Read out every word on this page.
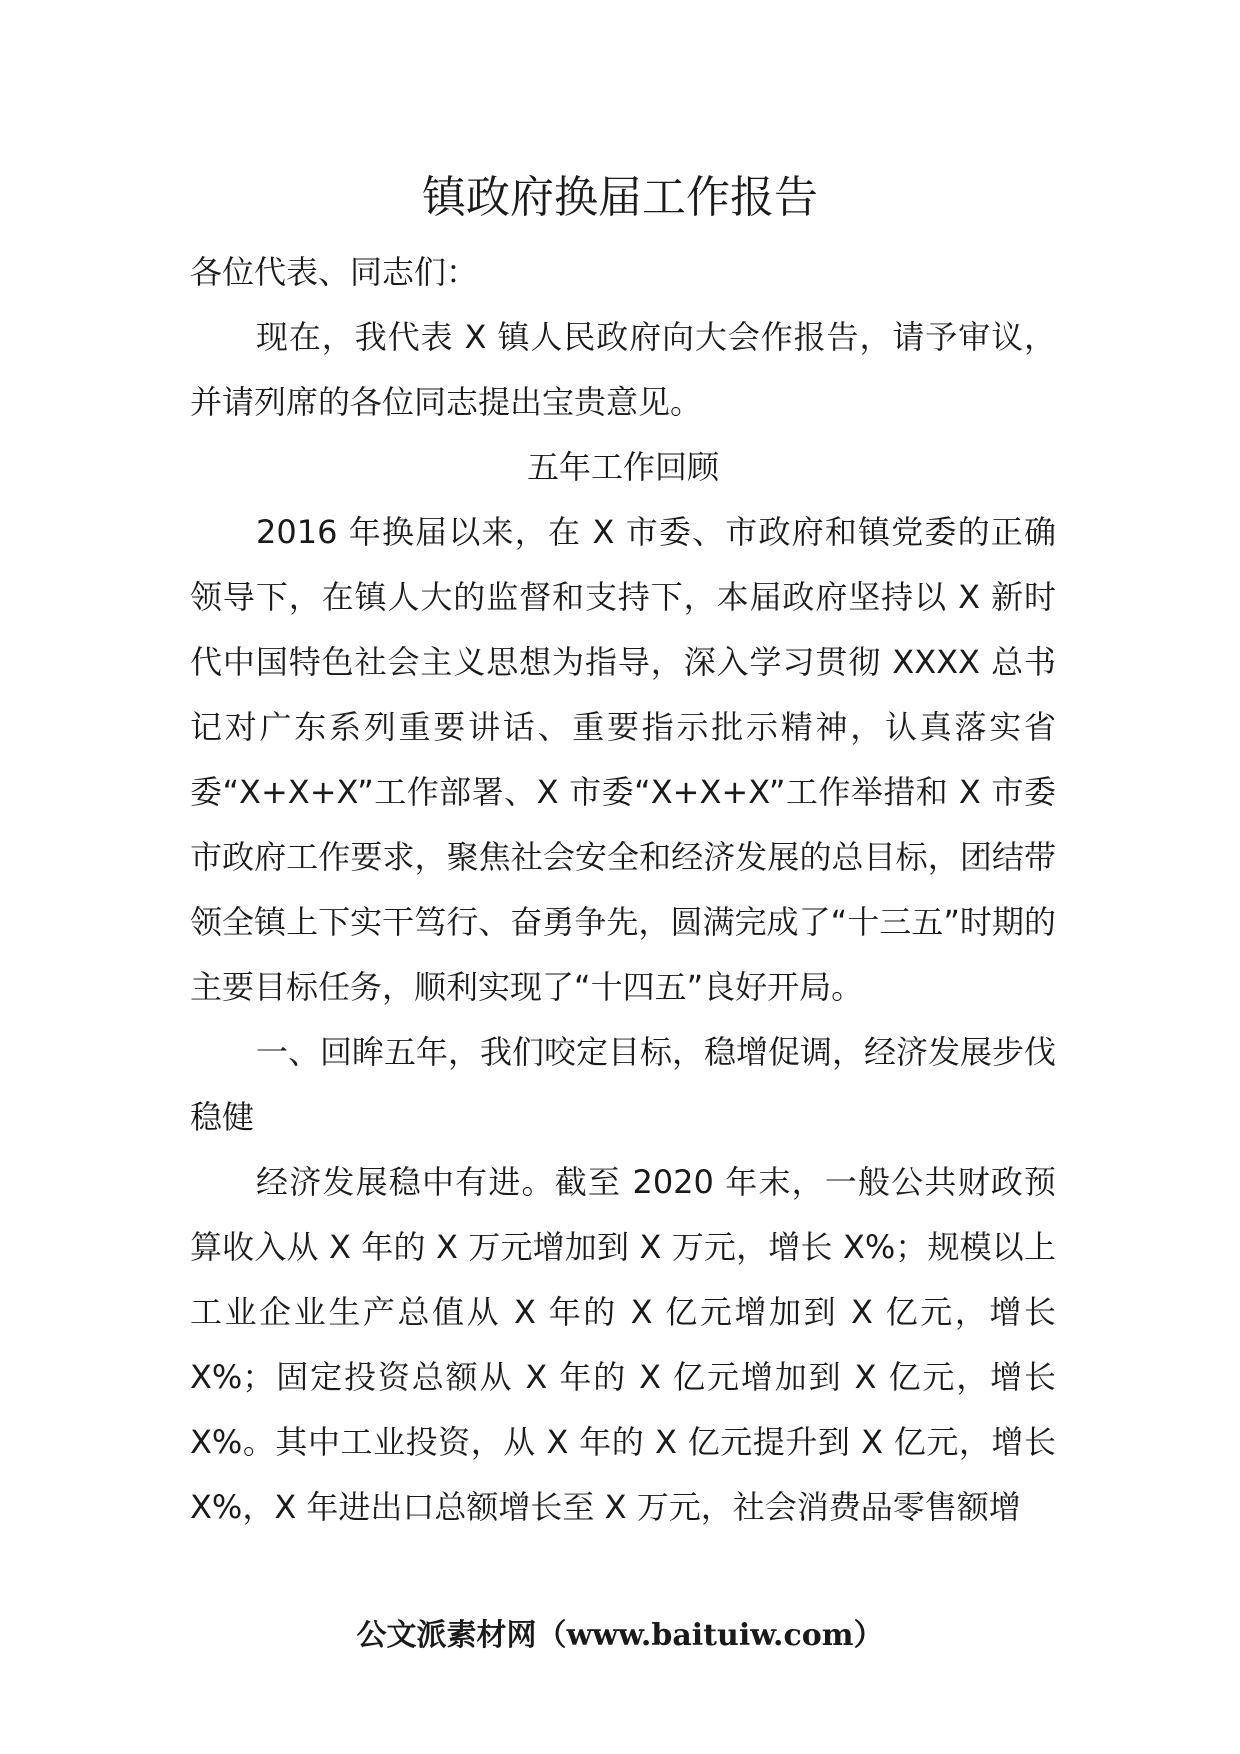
镇政府换届工作报告

各位代表、同志们：

现在，我代表 X 镇人民政府向大会作报告，请予审议，并请列席的各位同志提出宝贵意见。

五年工作回顾

2016 年换届以来，在 X 市委、市政府和镇党委的正确领导下，在镇人大的监督和支持下，本届政府坚持以 X 新时代中国特色社会主义思想为指导，深入学习贯彻 XXXX 总书记对广东系列重要讲话、重要指示批示精神，认真落实省委“X+X+X”工作部署、X 市委“X+X+X”工作举措和 X 市委市政府工作要求，聚焦社会安全和经济发展的总目标，团结带领全镇上下实干笃行、奋勇争先，圆满完成了“十三五”时期的主要目标任务，顺利实现了“十四五”良好开局。

一、回眸五年，我们咬定目标，稳增促调，经济发展步伐稳健

经济发展稳中有进。截至 2020 年末，一般公共财政预算收入从 X 年的 X 万元增加到 X 万元，增长 X%；规模以上工业企业生产总值从 X 年的 X 亿元增加到 X 亿元，增长 X%；固定投资总额从 X 年的 X 亿元增加到 X 亿元，增长 X%。其中工业投资，从 X 年的 X 亿元提升到 X 亿元，增长 X%，X 年进出口总额增长至 X 万元，社会消费品零售额增

公文派素材网（www.baituiw.com）
